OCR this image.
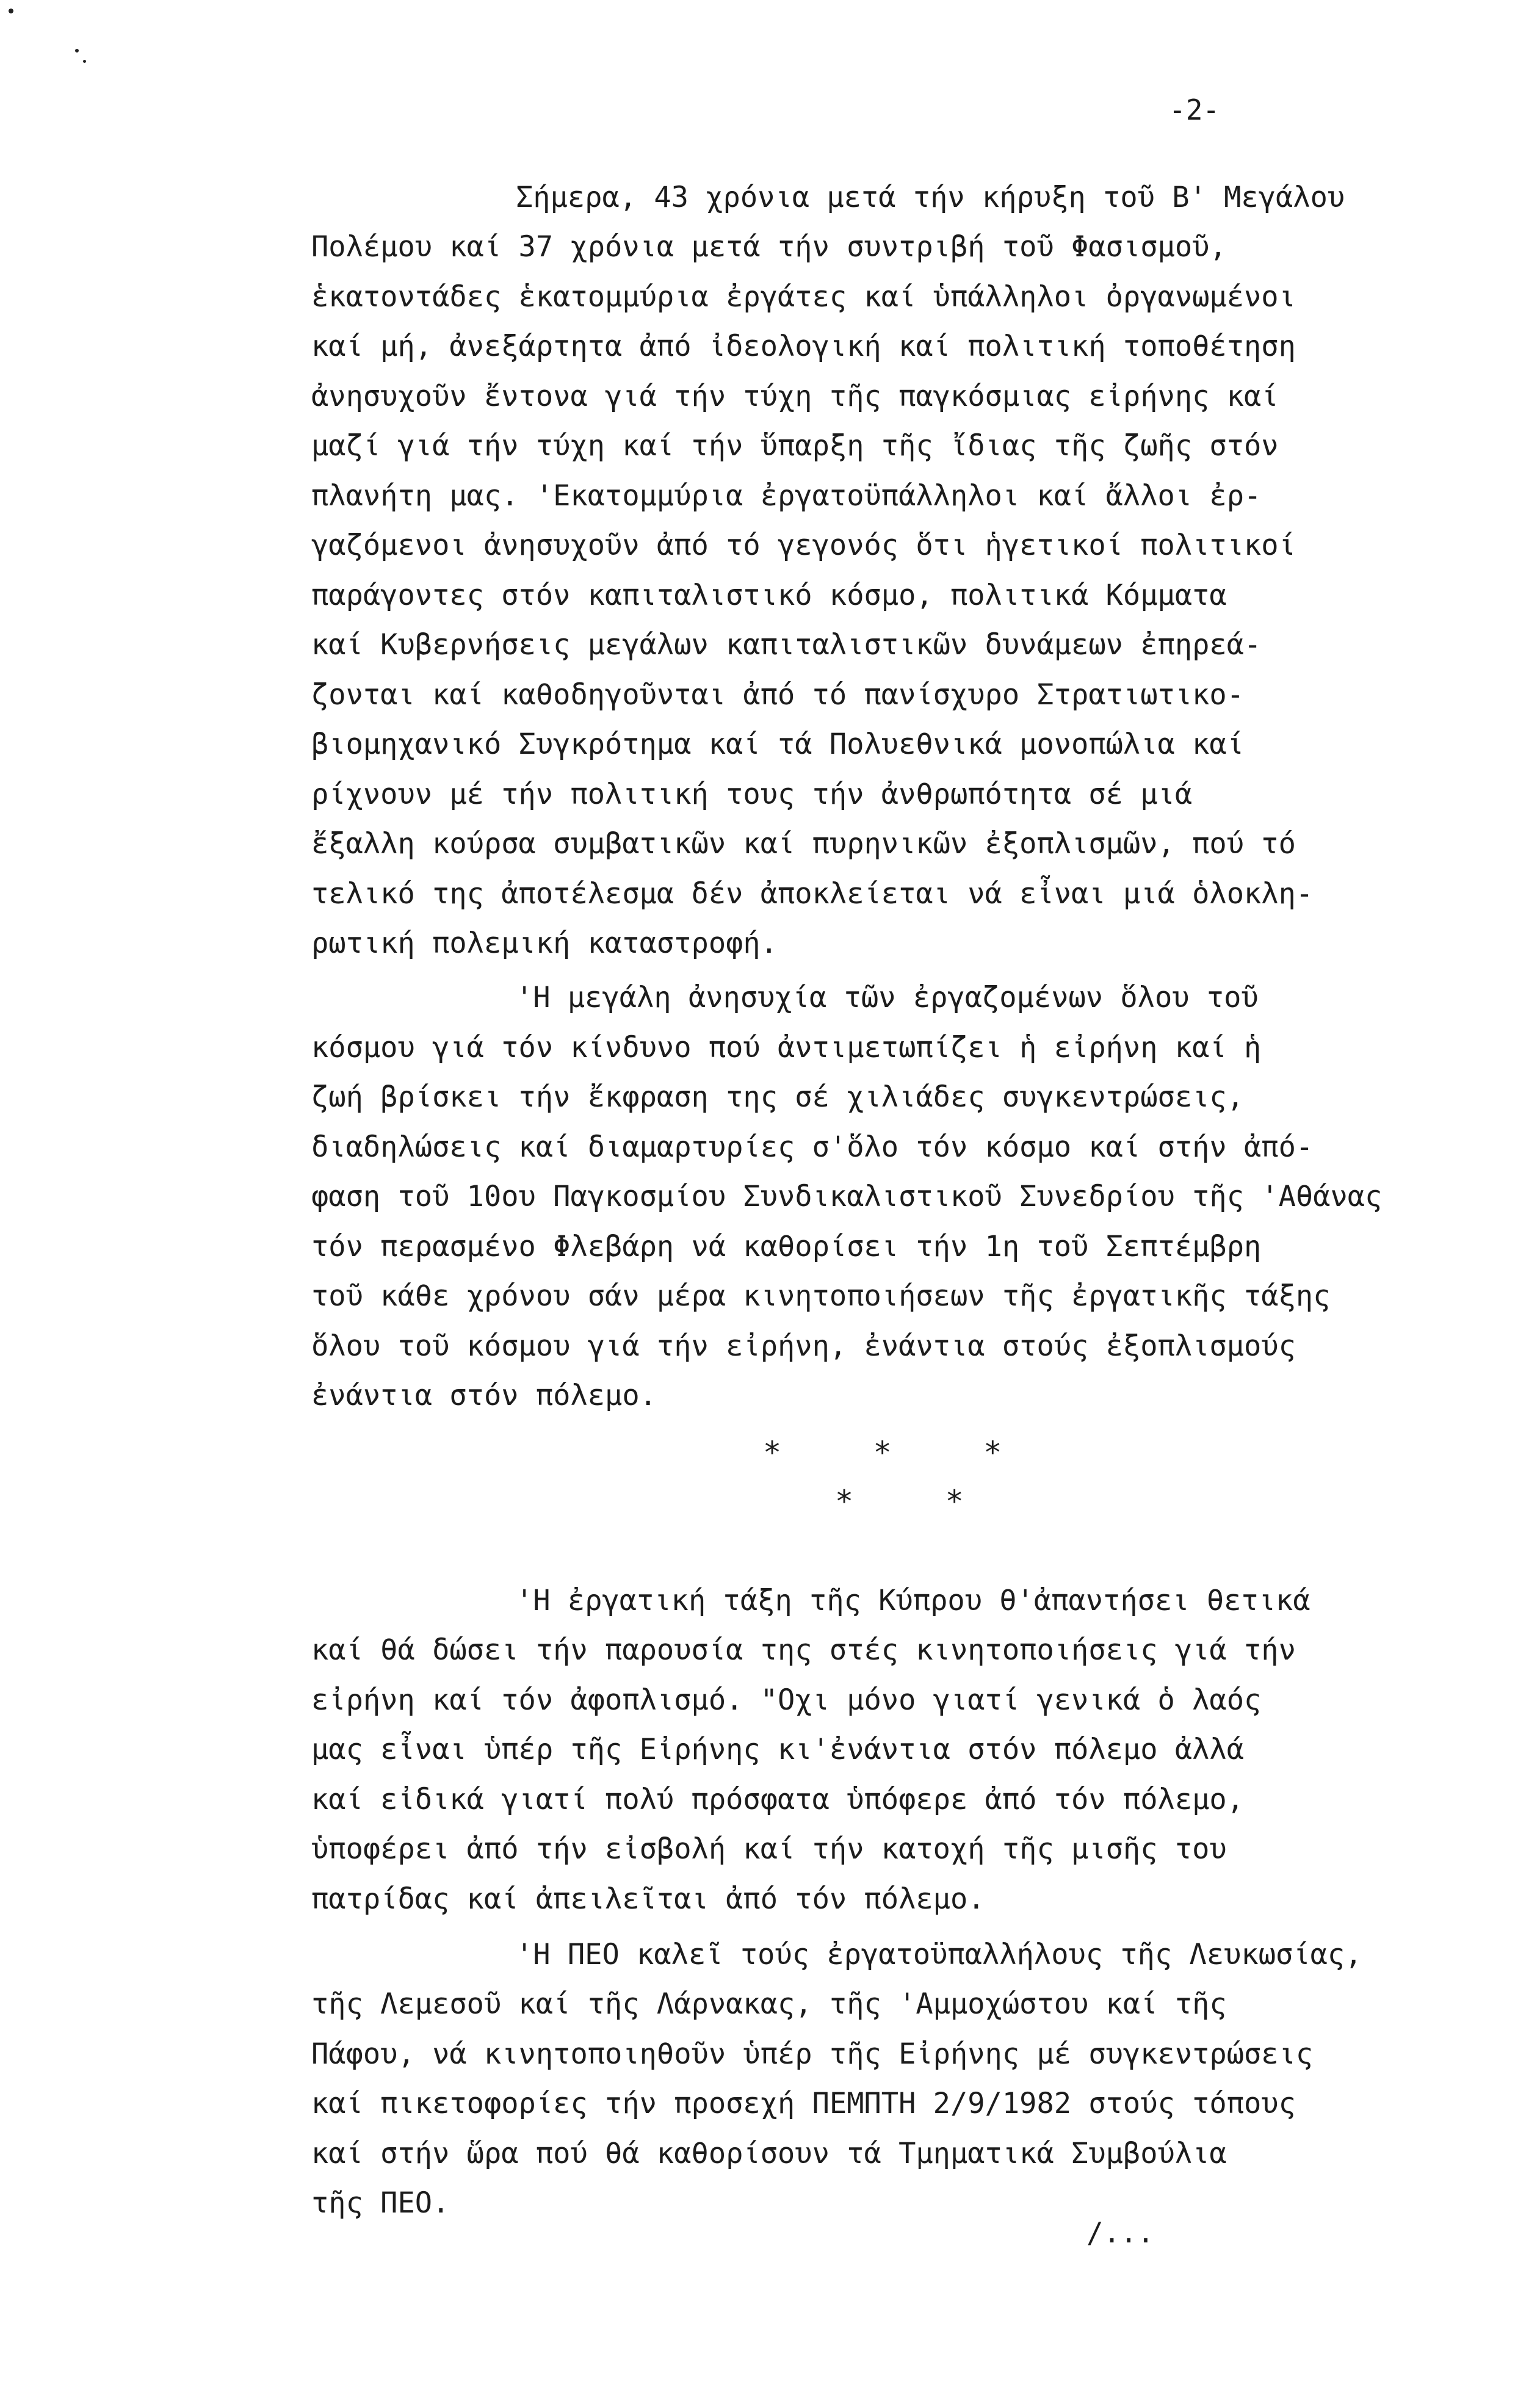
-2-
Σήμερα, 43 χρόνια μετά τήν κήρυξη τοῦ Β' Μεγάλου
Πολέμου καί 37 χρόνια μετά τήν συντριβή τοῦ Φασισμοῦ,
ἑκατοντάδες ἑκατομμύρια ἐργάτες καί ὑπάλληλοι ὀργανωμένοι
καί μή, ἀνεξάρτητα ἀπό ἰδεολογική καί πολιτική τοποθέτηση
ἀνησυχοῦν ἔντονα γιά τήν τύχη τῆς παγκόσμιας εἰρήνης καί
μαζί γιά τήν τύχη καί τήν ὕπαρξη τῆς ἴδιας τῆς ζωῆς στόν
πλανήτη μας. 'Εκατομμύρια ἐργατοϋπάλληλοι καί ἄλλοι ἐρ-
γαζόμενοι ἀνησυχοῦν ἀπό τό γεγονός ὅτι ἡγετικοί πολιτικοί
παράγοντες στόν καπιταλιστικό κόσμο, πολιτικά Κόμματα
καί Κυβερνήσεις μεγάλων καπιταλιστικῶν δυνάμεων ἐπηρεά-
ζονται καί καθοδηγοῦνται ἀπό τό πανίσχυρο Στρατιωτικο-
βιομηχανικό Συγκρότημα καί τά Πολυεθνικά μονοπώλια καί
ρίχνουν μέ τήν πολιτική τους τήν ἀνθρωπότητα σέ μιά
ἔξαλλη κούρσα συμβατικῶν καί πυρηνικῶν ἐξοπλισμῶν, πού τό
τελικό της ἀποτέλεσμα δέν ἀποκλείεται νά εἶναι μιά ὁλοκλη-
ρωτική πολεμική καταστροφή.
'Η μεγάλη ἀνησυχία τῶν ἐργαζομένων ὅλου τοῦ
κόσμου γιά τόν κίνδυνο πού ἀντιμετωπίζει ἡ εἰρήνη καί ἡ
ζωή βρίσκει τήν ἔκφραση της σέ χιλιάδες συγκεντρώσεις,
διαδηλώσεις καί διαμαρτυρίες σ'ὅλο τόν κόσμο καί στήν ἀπό-
φαση τοῦ 10ου Παγκοσμίου Συνδικαλιστικοῦ Συνεδρίου τῆς 'Αθάνας
τόν περασμένο Φλεβάρη νά καθορίσει τήν 1η τοῦ Σεπτέμβρη
τοῦ κάθε χρόνου σάν μέρα κινητοποιήσεων τῆς ἐργατικῆς τάξης
ὅλου τοῦ κόσμου γιά τήν εἰρήνη, ἐνάντια στούς ἐξοπλισμούς
ἐνάντια στόν πόλεμο.
*     *     *
*     *
'Η ἐργατική τάξη τῆς Κύπρου θ'ἀπαντήσει θετικά
καί θά δώσει τήν παρουσία της στές κινητοποιήσεις γιά τήν
εἰρήνη καί τόν ἀφοπλισμό. "Οχι μόνο γιατί γενικά ὁ λαός
μας εἶναι ὑπέρ τῆς Εἰρήνης κι'ἐνάντια στόν πόλεμο ἀλλά
καί εἰδικά γιατί πολύ πρόσφατα ὑπόφερε ἀπό τόν πόλεμο,
ὑποφέρει ἀπό τήν εἰσβολή καί τήν κατοχή τῆς μισῆς του
πατρίδας καί ἀπειλεῖται ἀπό τόν πόλεμο.
'Η ΠΕΟ καλεῖ τούς ἐργατοϋπαλλήλους τῆς Λευκωσίας,
τῆς Λεμεσοῦ καί τῆς Λάρνακας, τῆς 'Αμμοχώστου καί τῆς
Πάφου, νά κινητοποιηθοῦν ὑπέρ τῆς Εἰρήνης μέ συγκεντρώσεις
καί πικετοφορίες τήν προσεχή ΠΕΜΠΤΗ 2/9/1982 στούς τόπους
καί στήν ὥρα πού θά καθορίσουν τά Τμηματικά Συμβούλια
τῆς ΠΕΟ.
/...
